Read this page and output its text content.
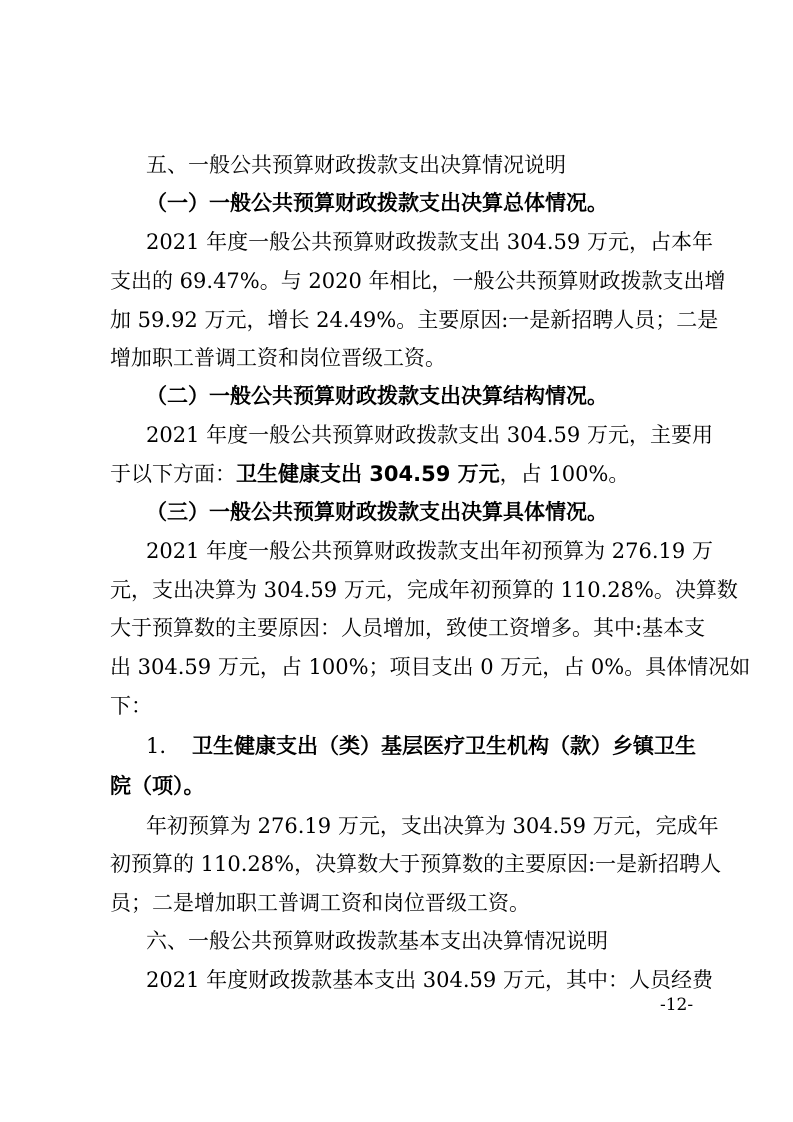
五、一般公共预算财政拨款支出决算情况说明
（一）一般公共预算财政拨款支出决算总体情况。
2021 年度一般公共预算财政拨款支出 304.59 万元，占本年
支出的 69.47%。与 2020 年相比，一般公共预算财政拨款支出增
加 59.92 万元，增长 24.49%。主要原因:一是新招聘人员；二是
增加职工普调工资和岗位晋级工资。
（二）一般公共预算财政拨款支出决算结构情况。
2021 年度一般公共预算财政拨款支出 304.59 万元，主要用
于以下方面：卫生健康支出 304.59 万元，占 100%。
（三）一般公共预算财政拨款支出决算具体情况。
2021 年度一般公共预算财政拨款支出年初预算为 276.19 万
元，支出决算为 304.59 万元，完成年初预算的 110.28%。决算数
大于预算数的主要原因：人员增加，致使工资增多。其中:基本支
出 304.59 万元，占 100%；项目支出 0 万元，占 0%。具体情况如
下：
1.	卫生健康支出（类）基层医疗卫生机构（款）乡镇卫生
院（项）。
年初预算为 276.19 万元，支出决算为 304.59 万元，完成年
初预算的 110.28%，决算数大于预算数的主要原因:一是新招聘人
员；二是增加职工普调工资和岗位晋级工资。
六、一般公共预算财政拨款基本支出决算情况说明
2021 年度财政拨款基本支出 304.59 万元，其中：人员经费
-12-
